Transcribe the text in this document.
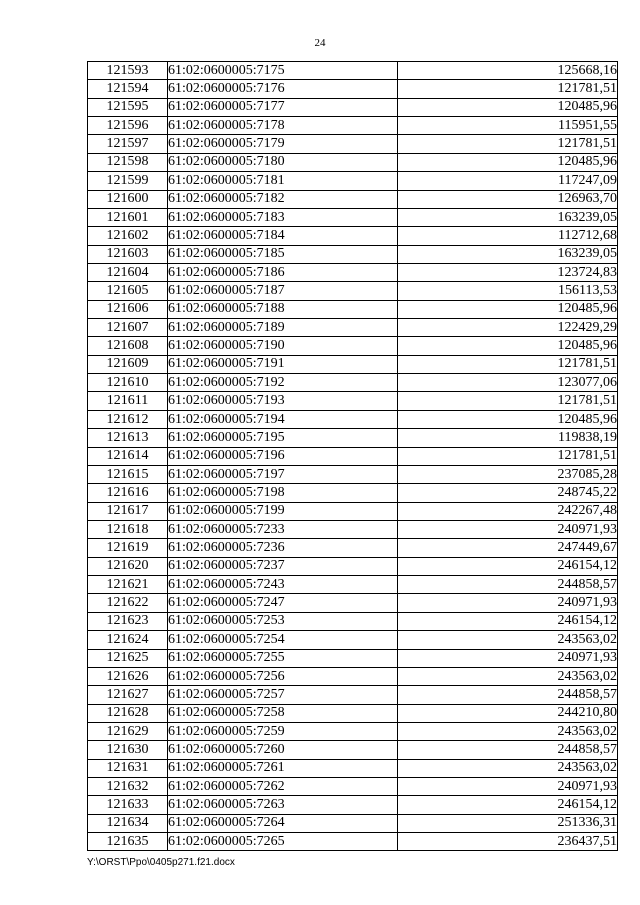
24
121593	61:02:0600005:7175	125668,16
121594	61:02:0600005:7176	121781,51
121595	61:02:0600005:7177	120485,96
121596	61:02:0600005:7178	115951,55
121597	61:02:0600005:7179	121781,51
121598	61:02:0600005:7180	120485,96
121599	61:02:0600005:7181	117247,09
121600	61:02:0600005:7182	126963,70
121601	61:02:0600005:7183	163239,05
121602	61:02:0600005:7184	112712,68
121603	61:02:0600005:7185	163239,05
121604	61:02:0600005:7186	123724,83
121605	61:02:0600005:7187	156113,53
121606	61:02:0600005:7188	120485,96
121607	61:02:0600005:7189	122429,29
121608	61:02:0600005:7190	120485,96
121609	61:02:0600005:7191	121781,51
121610	61:02:0600005:7192	123077,06
121611	61:02:0600005:7193	121781,51
121612	61:02:0600005:7194	120485,96
121613	61:02:0600005:7195	119838,19
121614	61:02:0600005:7196	121781,51
121615	61:02:0600005:7197	237085,28
121616	61:02:0600005:7198	248745,22
121617	61:02:0600005:7199	242267,48
121618	61:02:0600005:7233	240971,93
121619	61:02:0600005:7236	247449,67
121620	61:02:0600005:7237	246154,12
121621	61:02:0600005:7243	244858,57
121622	61:02:0600005:7247	240971,93
121623	61:02:0600005:7253	246154,12
121624	61:02:0600005:7254	243563,02
121625	61:02:0600005:7255	240971,93
121626	61:02:0600005:7256	243563,02
121627	61:02:0600005:7257	244858,57
121628	61:02:0600005:7258	244210,80
121629	61:02:0600005:7259	243563,02
121630	61:02:0600005:7260	244858,57
121631	61:02:0600005:7261	243563,02
121632	61:02:0600005:7262	240971,93
121633	61:02:0600005:7263	246154,12
121634	61:02:0600005:7264	251336,31
121635	61:02:0600005:7265	236437,51
Y:\ORST\Ppo\0405p271.f21.docx
